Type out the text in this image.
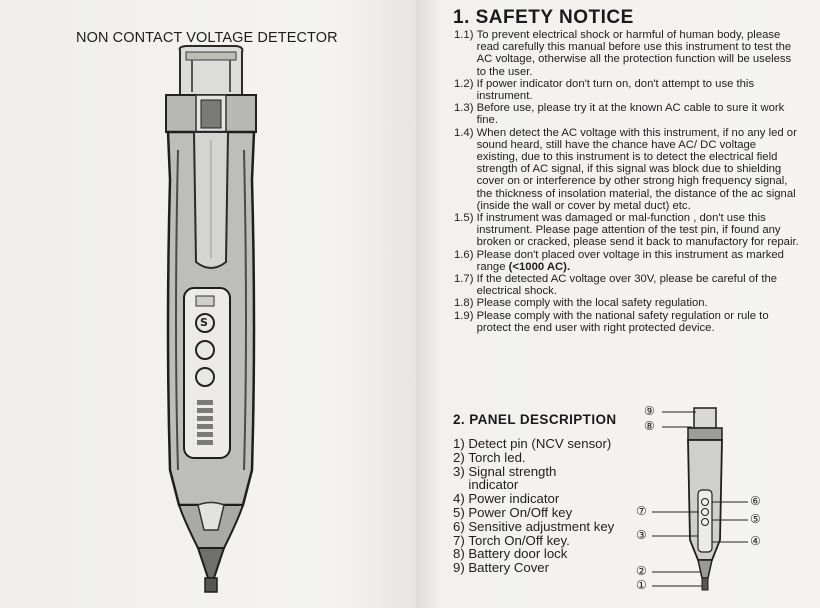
NON CONTACT VOLTAGE DETECTOR
S
1. SAFETY NOTICE
1.1) To prevent electrical shock or harmful of human body, please read carefully this manual before use this instrument to test the AC voltage, otherwise all the protection function will be useless to the user.
1.2) If power indicator don't turn on, don't attempt to use this instrument.
1.3) Before use, please try it at the known AC cable to sure it work fine.
1.4) When detect the AC voltage with this instrument, if no any led or sound heard, still have the chance have AC/ DC voltage existing, due to this instrument is to detect the electrical field strength of AC signal, if this signal was block due to shielding cover on or interference by other strong high frequency signal, the thickness of insolation material, the distance of the ac signal (inside the wall or cover by metal duct) etc.
1.5) If instrument was damaged or mal-function , don't use this instrument. Please page attention of the test pin, if found any broken or cracked, please send it back to manufactory for repair.
1.6) Please don't placed over voltage in this instrument as marked range (<1000 AC).
1.7) If the detected AC voltage over 30V, please be careful of the electrical shock.
1.8) Please comply with the local safety regulation.
1.9) Please comply with the national safety regulation or rule to protect the end user with right protected device.
2. PANEL DESCRIPTION
1) Detect pin (NCV sensor)
2) Torch led.
3) Signal strength indicator
4) Power indicator
5) Power On/Off key
6) Sensitive adjustment key
7) Torch On/Off key.
8) Battery door lock
9) Battery Cover
⑨
⑧
⑦
⑥
⑤
③	④
②
①
